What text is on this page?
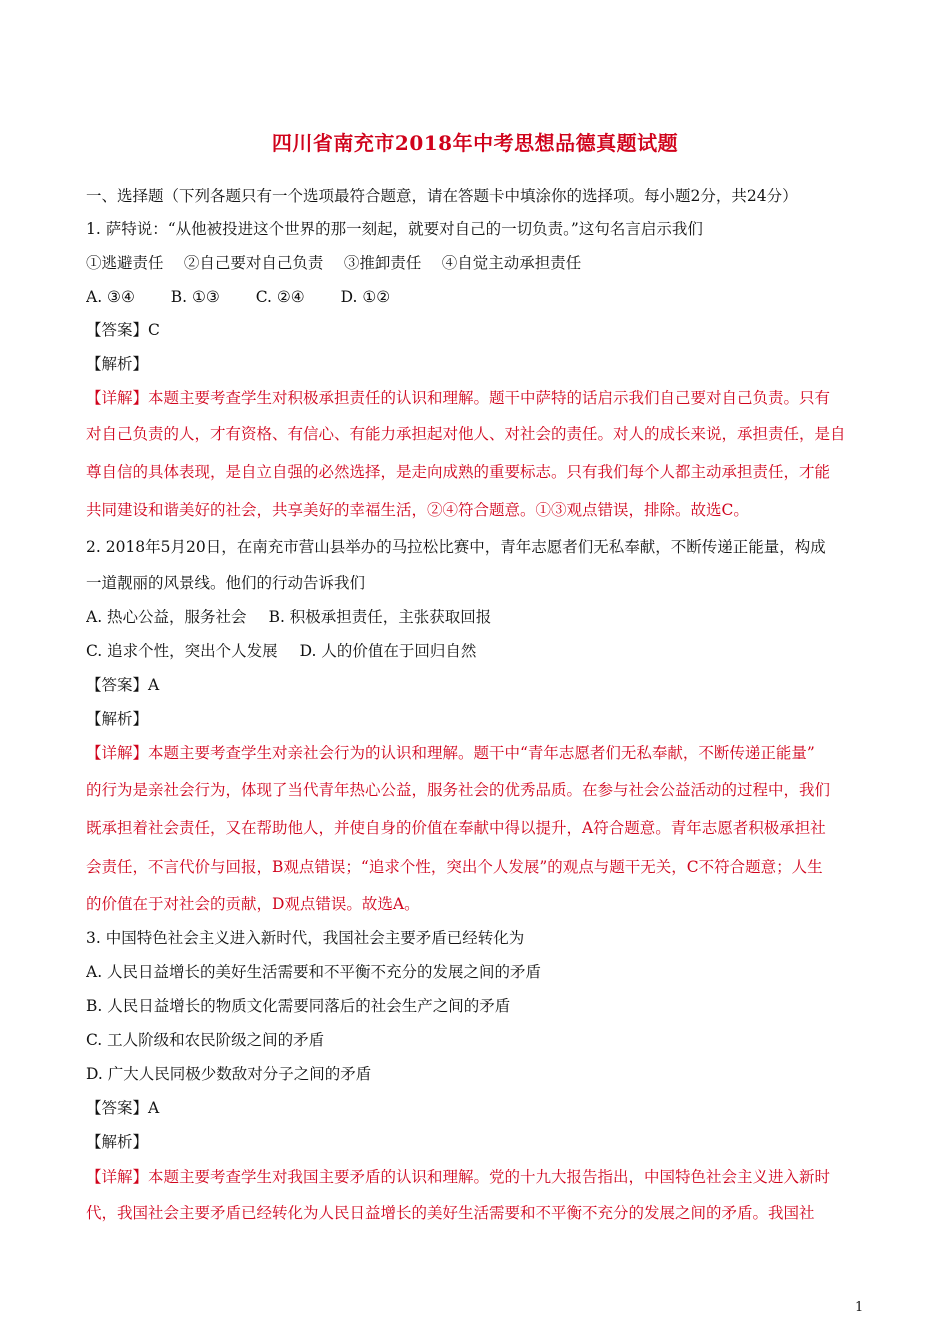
四川省南充市2018年中考思想品德真题试题
一、选择题（下列各题只有一个选项最符合题意，请在答题卡中填涂你的选择项。每小题2分，共24分）
1. 萨特说：“从他被投进这个世界的那一刻起，就要对自己的一切负责。”这句名言启示我们
①逃避责任　 ②自己要对自己负责　 ③推卸责任　 ④自觉主动承担责任
A. ③④　　 B. ①③　　 C. ②④　　 D. ①②
【答案】C
【解析】
【详解】本题主要考查学生对积极承担责任的认识和理解。题干中萨特的话启示我们自己要对自己负责。只有
对自己负责的人，才有资格、有信心、有能力承担起对他人、对社会的责任。对人的成长来说，承担责任，是自
尊自信的具体表现，是自立自强的必然选择，是走向成熟的重要标志。只有我们每个人都主动承担责任，才能
共同建设和谐美好的社会，共享美好的幸福生活，②④符合题意。①③观点错误，排除。故选C。
2. 2018年5月20日，在南充市营山县举办的马拉松比赛中，青年志愿者们无私奉献，不断传递正能量，构成
一道靓丽的风景线。他们的行动告诉我们
A. 热心公益，服务社会 B. 积极承担责任，主张获取回报
C. 追求个性，突出个人发展 D. 人的价值在于回归自然
【答案】A
【解析】
【详解】本题主要考查学生对亲社会行为的认识和理解。题干中“青年志愿者们无私奉献，不断传递正能量”
的行为是亲社会行为，体现了当代青年热心公益，服务社会的优秀品质。在参与社会公益活动的过程中，我们
既承担着社会责任，又在帮助他人，并使自身的价值在奉献中得以提升，A符合题意。青年志愿者积极承担社
会责任，不言代价与回报，B观点错误；“追求个性，突出个人发展”的观点与题干无关，C不符合题意；人生
的价值在于对社会的贡献，D观点错误。故选A。
3. 中国特色社会主义进入新时代，我国社会主要矛盾已经转化为
A. 人民日益增长的美好生活需要和不平衡不充分的发展之间的矛盾
B. 人民日益增长的物质文化需要同落后的社会生产之间的矛盾
C. 工人阶级和农民阶级之间的矛盾
D. 广大人民同极少数敌对分子之间的矛盾
【答案】A
【解析】
【详解】本题主要考查学生对我国主要矛盾的认识和理解。党的十九大报告指出，中国特色社会主义进入新时
代，我国社会主要矛盾已经转化为人民日益增长的美好生活需要和不平衡不充分的发展之间的矛盾。我国社
1
